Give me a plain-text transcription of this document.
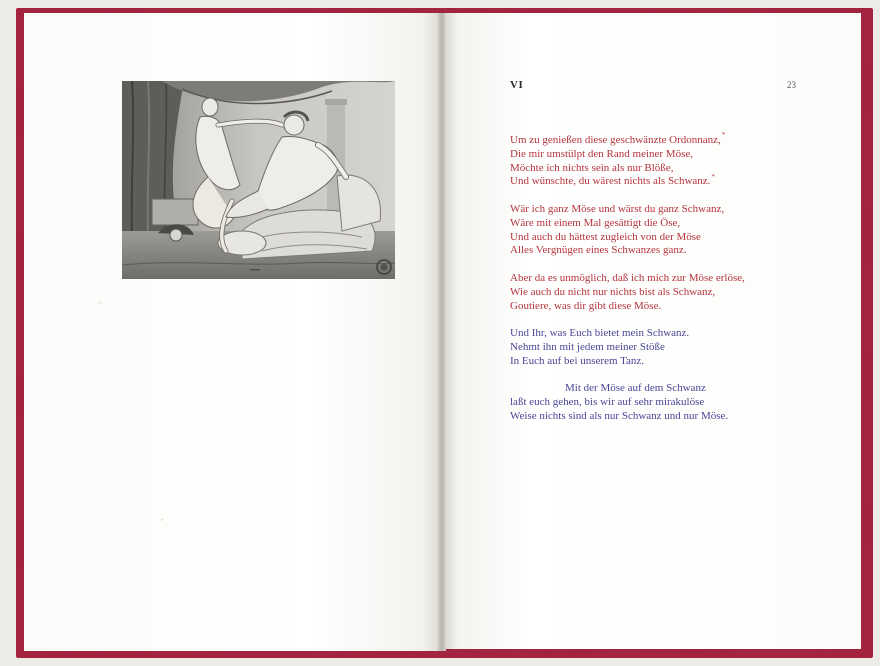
VI	23
Um zu genießen diese geschwänzte Ordonnanz,*
Die mir umstülpt den Rand meiner Möse,
Möchte ich nichts sein als nur Blöße,
Und wünschte, du wärest nichts als Schwanz.*
Wär ich ganz Möse und wärst du ganz Schwanz,
Wäre mit einem Mal gesättigt die Öse,
Und auch du hättest zugleich von der Möse
Alles Vergnügen eines Schwanzes ganz.
Aber da es unmöglich, daß ich mich zur Möse erlöse,
Wie auch du nicht nur nichts bist als Schwanz,
Goutiere, was dir gibt diese Möse.
Und Ihr, was Euch bietet mein Schwanz.
Nehmt ihn mit jedem meiner Stöße
In Euch auf bei unserem Tanz.
Mit der Möse auf dem Schwanz
laßt euch gehen, bis wir auf sehr mirakulöse
Weise nichts sind als nur Schwanz und nur Möse.
